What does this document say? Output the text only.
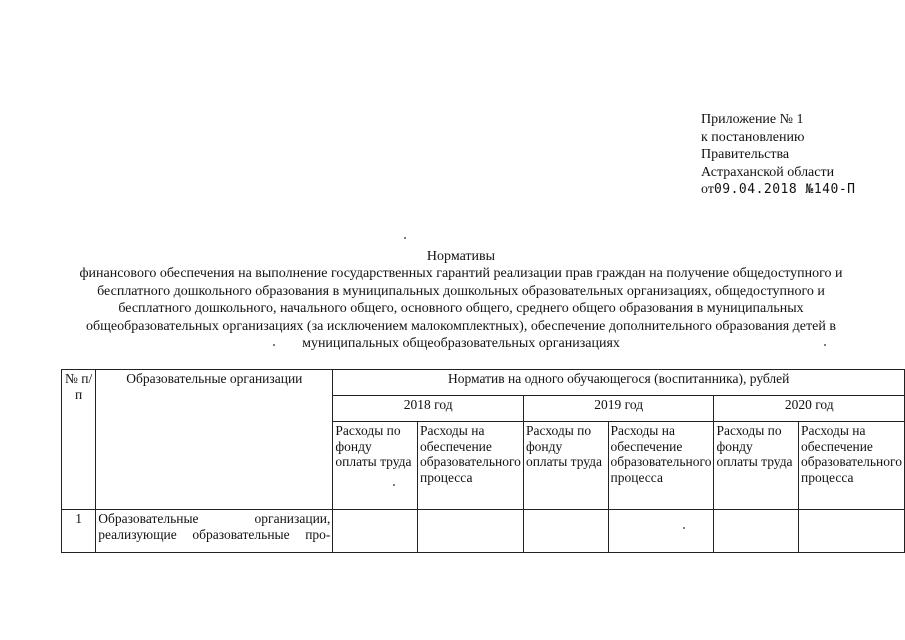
Приложение № 1
к постановлению
Правительства
Астраханской области
от09.04.2018 №140-П
Нормативы
финансового обеспечения на выполнение государственных гарантий реализации прав граждан на получение общедоступного и бесплатного дошкольного образования в муниципальных дошкольных образовательных организациях, общедоступного и бесплатного дошкольного, начального общего, основного общего, среднего общего образования в муниципальных общеобразовательных организациях (за исключением малокомплектных), обеспечение дополнительного образования детей в муниципальных общеобразовательных организациях
№ п/п	Образовательные организации	Норматив на одного обучающегося (воспитанника), рублей					
		2018 год		2019 год		2020 год	
		Расходы по фонду оплаты труда	Расходы на обеспечение образовательного процесса	Расходы по фонду оплаты труда	Расходы на обеспечение образовательного процесса	Расходы по фонду оплаты труда	Расходы на обеспечение образовательного процесса
1	Образовательные организации, реализующие образовательные про-						
